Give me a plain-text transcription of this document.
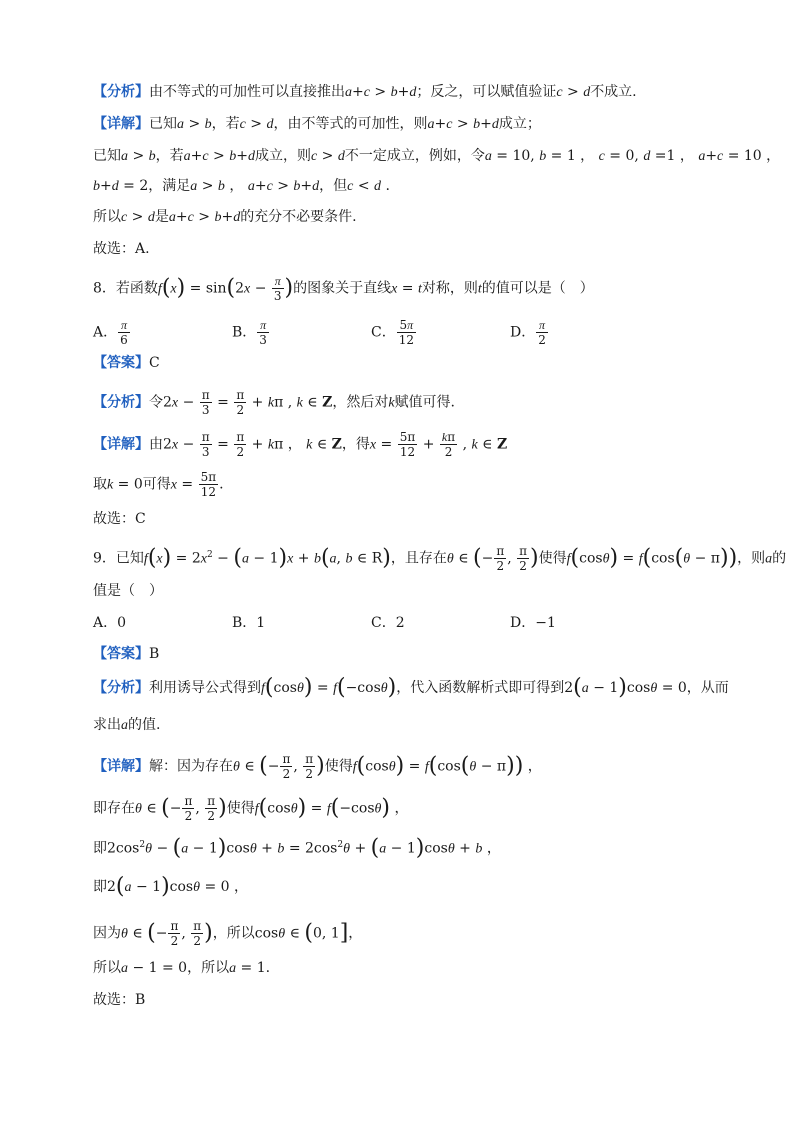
【分析】由不等式的可加性可以直接推出a+c > b+d；反之，可以赋值验证c > d不成立.
【详解】已知a > b，若c > d，由不等式的可加性，则a+c > b+d成立；
已知a > b，若a+c > b+d成立，则c > d不一定成立，例如，令a = 10, b = 1 ， c = 0, d =1 ， a+c = 10 ，
b+d = 2，满足a > b ， a+c > b+d，但c < d .
所以c > d是a+c > b+d的充分不必要条件.
故选：A.
8．若函数$f(x) = \sin(2x - \frac{\pi}{3}$ )的图象关于直线x = t对称，则t的值可以是（　）
A． $\frac{\pi}{6}$	B． $\frac{\pi}{3}$	C． $\frac{5\pi}{12}$	D． $\frac{\pi}{2}$
【答案】C
【分析】令$2x - \frac{\pi}{3} = \frac{\pi}{2} + k\pi$ , k ∈ Z，然后对k赋值可得.
【详解】由$2x - \frac{\pi}{3} = \frac{\pi}{2} + k\pi$ ， k ∈ Z，得$x = \frac{5\pi}{12} + \frac{k\pi}{2}$ , k ∈ Z
取k = 0可得$x = \frac{5\pi}{12}$ .
故选：C
9．已知$f(x) = 2x^2 - (a - 1)x + b(a$, b ∈ R)，且存在θ ∈ (− $\frac{\pi}{2}$ , $\frac{\pi}{2}$ )使得f(cosθ) = f(cos(θ − π))，则a的
值是（　）
A．0	B．1	C．2	D．−1
【答案】B
【分析】利用诱导公式得到f(cosθ) = f(−cosθ)，代入函数解析式即可得到2(a − 1)cosθ = 0，从而
求出a的值.
【详解】解：因为存在θ ∈ (− $\frac{\pi}{2}$ , $\frac{\pi}{2}$ )使得f(cosθ) = f(cos(θ − π)) ，
即存在θ ∈ (− $\frac{\pi}{2}$ , $\frac{\pi}{2}$ )使得f(cosθ) = f(−cosθ) ，
即$2\cos^2\theta - (a - 1)\cos\theta + b = 2\cos^2\theta + (a - 1)\cos\theta + b$ ，
即2(a − 1)cosθ = 0 ，
因为θ ∈ (− $\frac{\pi}{2}$ , $\frac{\pi}{2}$ )，所以cosθ ∈ (0, 1]，
所以a − 1 = 0，所以a = 1.
故选：B
